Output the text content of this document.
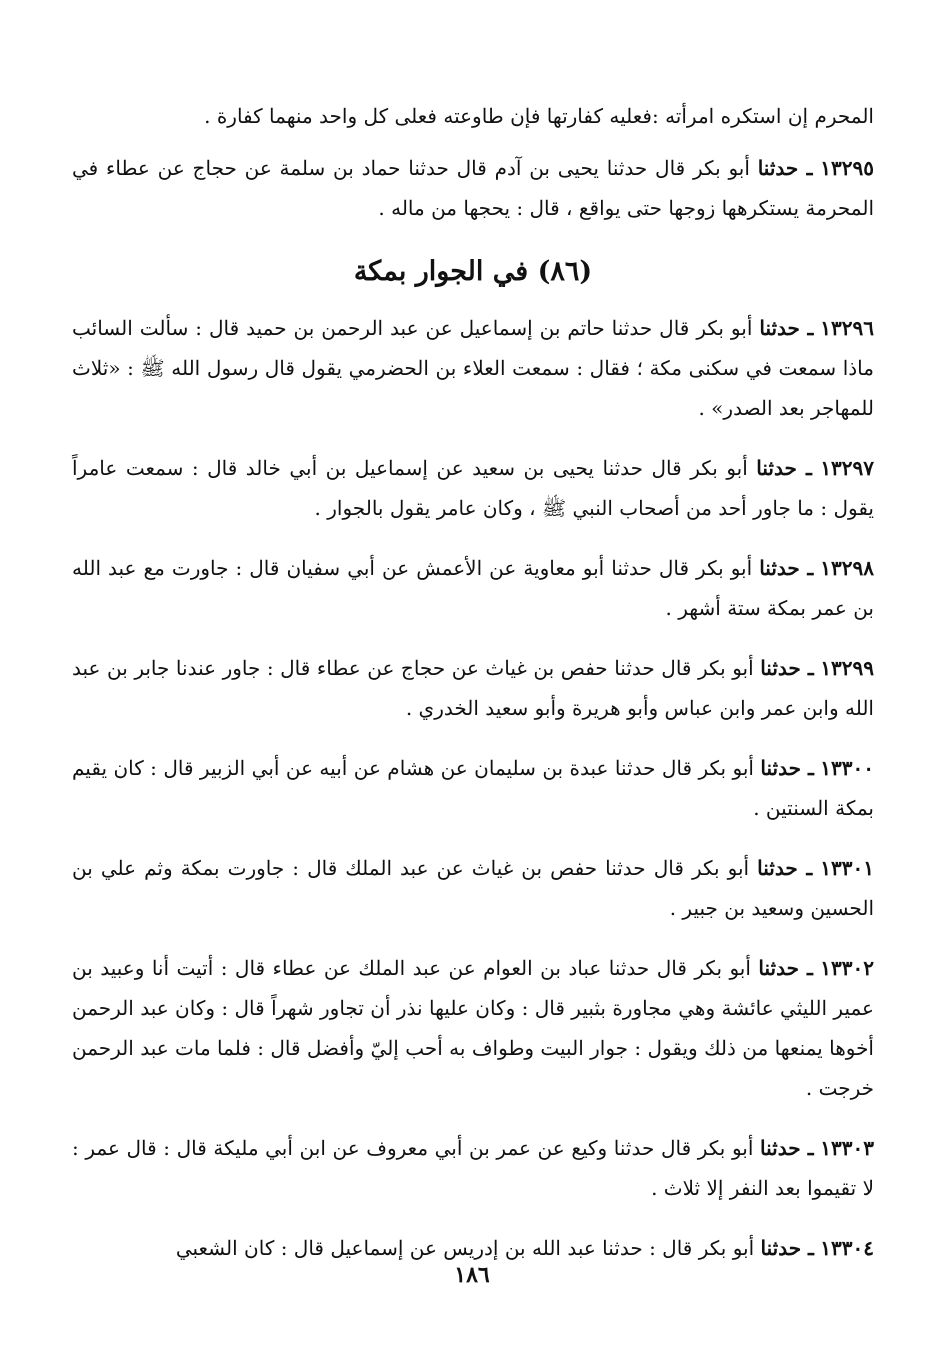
المحرم إن استكره امرأته :فعليه كفارتها فإن طاوعته فعلى كل واحد منهما كفارة .

١٣٢٩٥ ـ حدثنا أبو بكر قال حدثنا يحيى بن آدم قال حدثنا حماد بن سلمة عن حجاج عن عطاء في المحرمة يستكرهها زوجها حتى يواقع ، قال : يحجها من ماله .

(٨٦) في الجوار بمكة

١٣٢٩٦ ـ حدثنا أبو بكر قال حدثنا حاتم بن إسماعيل عن عبد الرحمن بن حميد قال : سألت السائب ماذا سمعت في سكنى مكة ؛ فقال : سمعت العلاء بن الحضرمي يقول قال رسول الله ﷺ : «ثلاث للمهاجر بعد الصدر» .

١٣٢٩٧ ـ حدثنا أبو بكر قال حدثنا يحيى بن سعيد عن إسماعيل بن أبي خالد قال : سمعت عامراً يقول : ما جاور أحد من أصحاب النبي ﷺ ، وكان عامر يقول بالجوار .

١٣٢٩٨ ـ حدثنا أبو بكر قال حدثنا أبو معاوية عن الأعمش عن أبي سفيان قال : جاورت مع عبد الله بن عمر بمكة ستة أشهر .

١٣٢٩٩ ـ حدثنا أبو بكر قال حدثنا حفص بن غياث عن حجاج عن عطاء قال : جاور عندنا جابر بن عبد الله وابن عمر وابن عباس وأبو هريرة وأبو سعيد الخدري .

١٣٣٠٠ ـ حدثنا أبو بكر قال حدثنا عبدة بن سليمان عن هشام عن أبيه عن أبي الزبير قال : كان يقيم بمكة السنتين .

١٣٣٠١ ـ حدثنا أبو بكر قال حدثنا حفص بن غياث عن عبد الملك قال : جاورت بمكة وثم علي بن الحسين وسعيد بن جبير .

١٣٣٠٢ ـ حدثنا أبو بكر قال حدثنا عباد بن العوام عن عبد الملك عن عطاء قال : أتيت أنا وعبيد بن عمير الليثي عائشة وهي مجاورة بثبير قال : وكان عليها نذر أن تجاور شهراً قال : وكان عبد الرحمن أخوها يمنعها من ذلك ويقول : جوار البيت وطواف به أحب إليّ وأفضل قال : فلما مات عبد الرحمن خرجت .

١٣٣٠٣ ـ حدثنا أبو بكر قال حدثنا وكيع عن عمر بن أبي معروف عن ابن أبي مليكة قال : قال عمر : لا تقيموا بعد النفر إلا ثلاث .

١٣٣٠٤ ـ حدثنا أبو بكر قال : حدثنا عبد الله بن إدريس عن إسماعيل قال : كان الشعبي

١٨٦
